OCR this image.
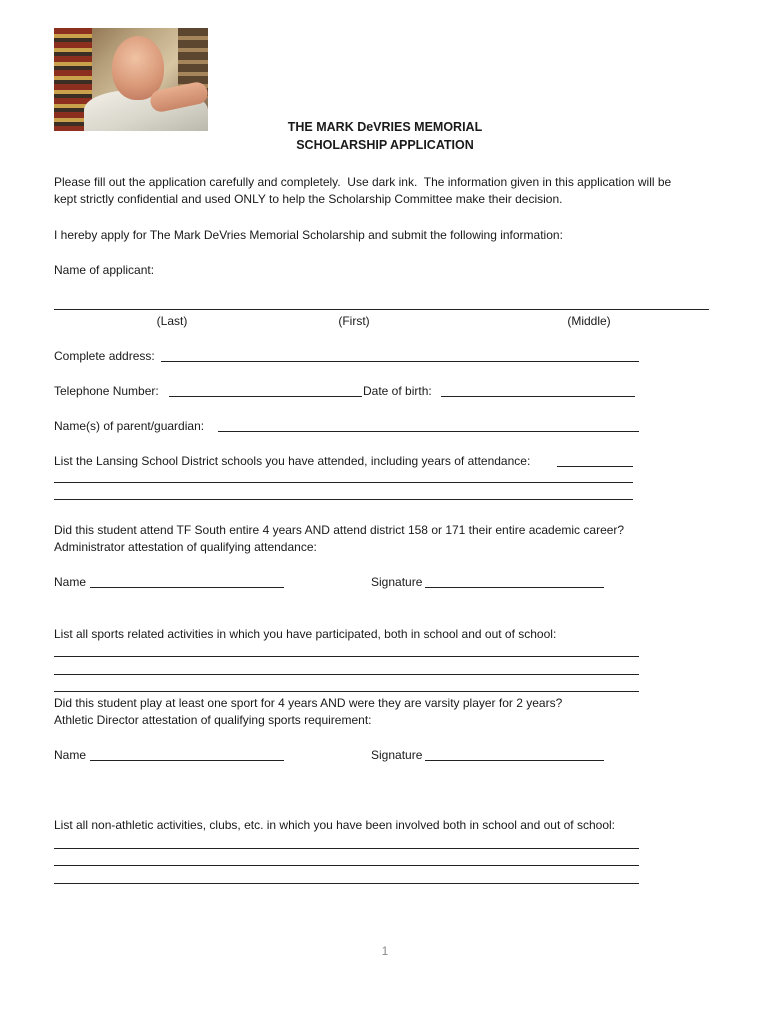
THE MARK DeVRIES MEMORIAL
SCHOLARSHIP APPLICATION
Please fill out the application carefully and completely.  Use dark ink.  The information given in this application will be
kept strictly confidential and used ONLY to help the Scholarship Committee make their decision.
I hereby apply for The Mark DeVries Memorial Scholarship and submit the following information:
Name of applicant:
(Last)	(First)	(Middle)
Complete address:
Telephone Number:	Date of birth:
Name(s) of parent/guardian:
List the Lansing School District schools you have attended, including years of attendance:
Did this student attend TF South entire 4 years AND attend district 158 or 171 their entire academic career?
Administrator attestation of qualifying attendance:
Name	Signature
List all sports related activities in which you have participated, both in school and out of school:
Did this student play at least one sport for 4 years AND were they are varsity player for 2 years?
Athletic Director attestation of qualifying sports requirement:
Name	Signature
List all non-athletic activities, clubs, etc. in which you have been involved both in school and out of school:
1
